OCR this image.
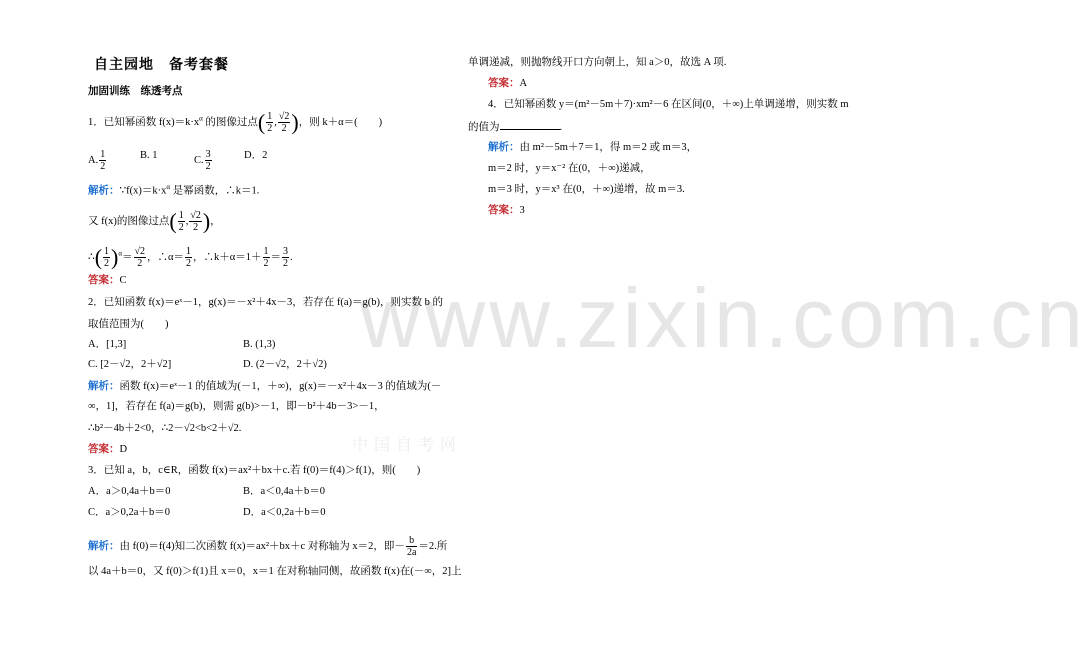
www.zixin.com.cn
中国自考网
自主园地　备考套餐
加固训练　练透考点
1．已知幂函数 $f(x)=k\cdot x^\alpha$ 的图像过点( $\frac{1}{2}$ , $\frac{√2}{2}$ )，则 k＋α＝(　　)
A. $\frac{1}{2}$	B. 1	C. $\frac{3}{2}$	D．2
解析：$\because f(x)=k\cdot x^\alpha$ 是幂函数，∴k＝1.
又 f(x)的图像过点( $\frac{1}{2}$ , $\frac{√2}{2}$ )，
∴( $\frac{1}{2} )^\alpha= \frac{√2}{2}$ ，∴α＝ $\frac{1}{2}$ ，∴k＋α＝1＋ $\frac{1}{2} = \frac{3}{2}$ .
答案：C
2．已知函数 f(x)＝eˣ－1，g(x)＝－x²＋4x－3，若存在 f(a)＝g(b)，则实数 b 的
取值范围为(　　)
A．[1,3]	B. (1,3)
C. [2－√2，2＋√2]	D. (2－√2，2＋√2)
解析：函数 f(x)＝eˣ－1 的值域为(－1，＋∞)，g(x)＝－x²＋4x－3 的值域为(－
∞，1]，若存在 f(a)＝g(b)，则需 g(b)>－1，即－b²＋4b－3>－1，
∴b²－4b＋2<0，∴2－√2<b<2＋√2.
答案：D
3．已知 a，b，c∈R，函数 f(x)＝ax²＋bx＋c.若 f(0)＝f(4)＞f(1)，则(　　)
A．a＞0,4a＋b＝0	B．a＜0,4a＋b＝0
C．a＞0,2a＋b＝0	D．a＜0,2a＋b＝0
解析：由 f(0)＝f(4)知二次函数 f(x)＝ax²＋bx＋c 对称轴为 x＝2，即－ $\frac{b}{2a} =2$.所
以 4a＋b＝0，又 f(0)＞f(1)且 x＝0，x＝1 在对称轴同侧，故函数 f(x)在(－∞，2]上
单调递减，则抛物线开口方向朝上，知 a＞0，故选 A 项.
答案：A
4．已知幂函数 y＝(m²－5m＋7)·xm²－6 在区间(0，＋∞)上单调递增，则实数 m
的值为	.
解析：由 m²－5m＋7＝1，得 m＝2 或 m＝3，
m＝2 时，y＝x⁻² 在(0，＋∞)递减，
m＝3 时，y＝x³ 在(0，＋∞)递增，故 m＝3.
答案：3
